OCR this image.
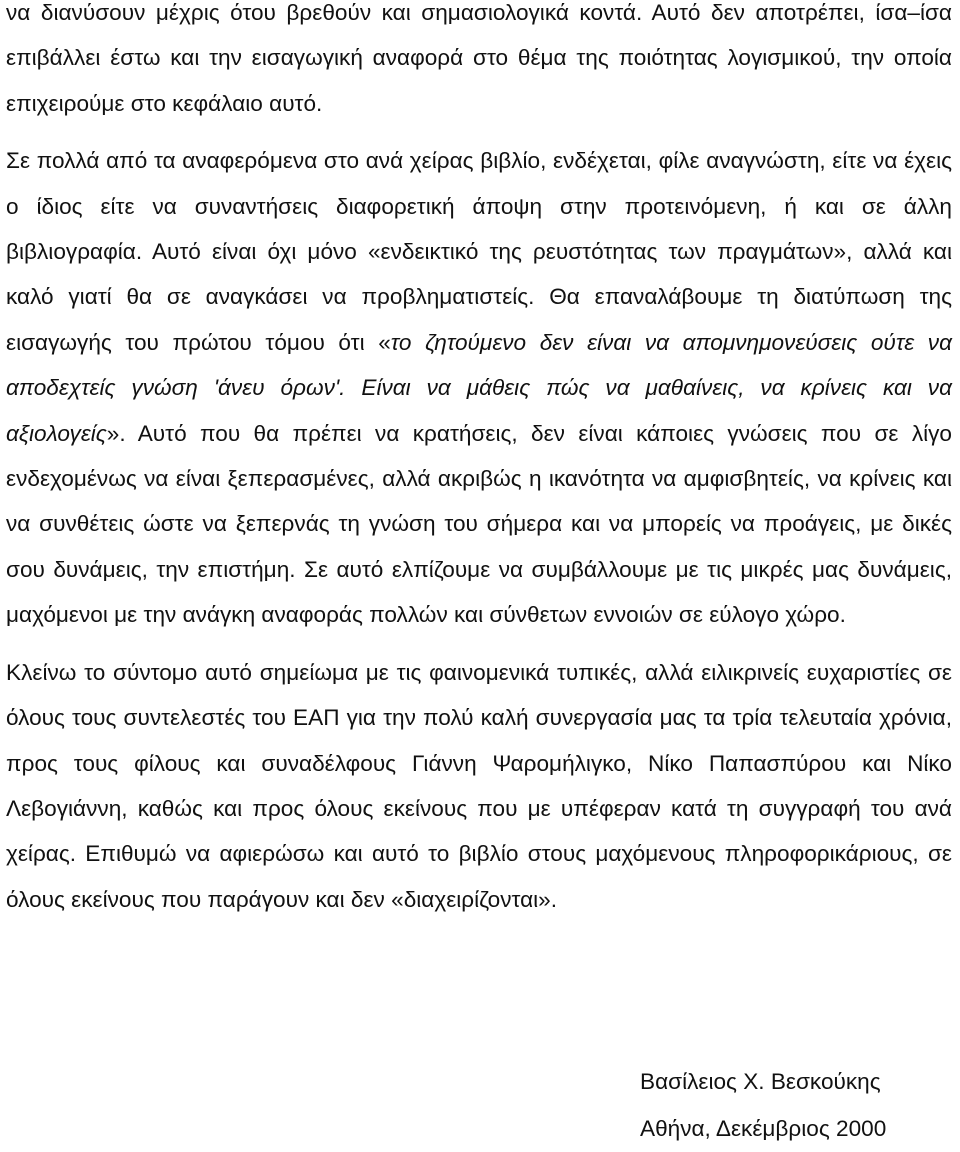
να διανύσουν μέχρις ότου βρεθούν και σημασιολογικά κοντά. Αυτό δεν αποτρέπει, ίσα–ίσα επιβάλλει έστω και την εισαγωγική αναφορά στο θέμα της ποιότητας λογισμικού, την οποία επιχειρούμε στο κεφάλαιο αυτό.

Σε πολλά από τα αναφερόμενα στο ανά χείρας βιβλίο, ενδέχεται, φίλε αναγνώστη, είτε να έχεις ο ίδιος είτε να συναντήσεις διαφορετική άποψη στην προτεινόμενη, ή και σε άλλη βιβλιογραφία. Αυτό είναι όχι μόνο «ενδεικτικό της ρευστότητας των πραγμάτων», αλλά και καλό γιατί θα σε αναγκάσει να προβληματιστείς. Θα επαναλάβουμε τη διατύπωση της εισαγωγής του πρώτου τόμου ότι «το ζητούμενο δεν είναι να απομνημονεύσεις ούτε να αποδεχτείς γνώση 'άνευ όρων'. Είναι να μάθεις πώς να μαθαίνεις, να κρίνεις και να αξιολογείς». Αυτό που θα πρέπει να κρατήσεις, δεν είναι κάποιες γνώσεις που σε λίγο ενδεχομένως να είναι ξεπερασμένες, αλλά ακριβώς η ικανότητα να αμφισβητείς, να κρίνεις και να συνθέτεις ώστε να ξεπερνάς τη γνώση του σήμερα και να μπορείς να προάγεις, με δικές σου δυνάμεις, την επιστήμη. Σε αυτό ελπίζουμε να συμβάλλουμε με τις μικρές μας δυνάμεις, μαχόμενοι με την ανάγκη αναφοράς πολλών και σύνθετων εννοιών σε εύλογο χώρο.

Κλείνω το σύντομο αυτό σημείωμα με τις φαινομενικά τυπικές, αλλά ειλικρινείς ευχαριστίες σε όλους τους συντελεστές του ΕΑΠ για την πολύ καλή συνεργασία μας τα τρία τελευταία χρόνια, προς τους φίλους και συναδέλφους Γιάννη Ψαρομήλιγκο, Νίκο Παπασπύρου και Νίκο Λεβογιάννη, καθώς και προς όλους εκείνους που με υπέφεραν κατά τη συγγραφή του ανά χείρας. Επιθυμώ να αφιερώσω και αυτό το βιβλίο στους μαχόμενους πληροφορικάριους, σε όλους εκείνους που παράγουν και δεν «διαχειρίζονται».

Βασίλειος Χ. Βεσκούκης
Αθήνα, Δεκέμβριος 2000
